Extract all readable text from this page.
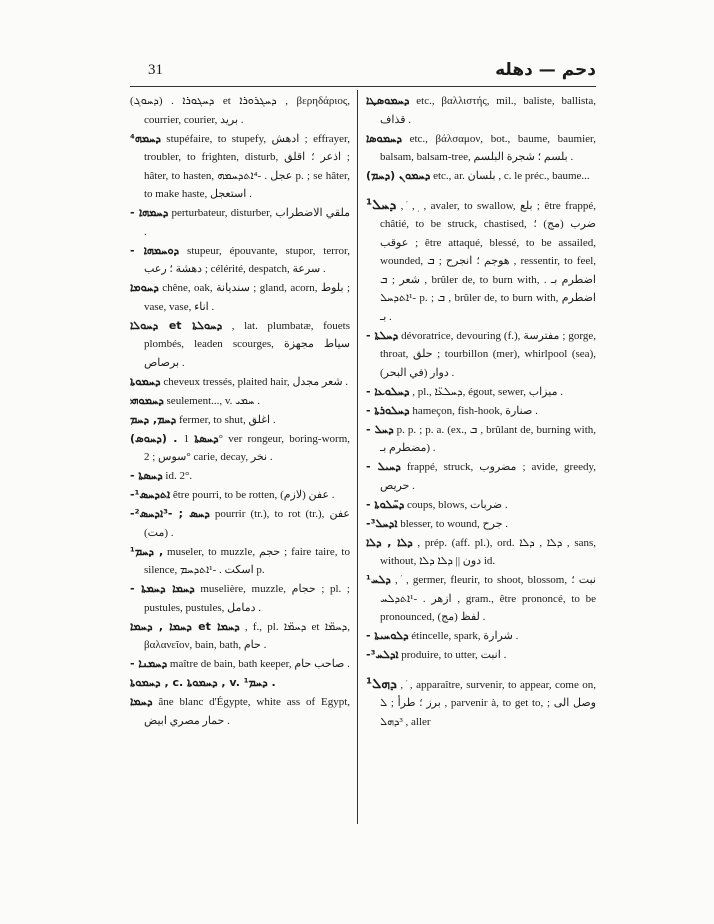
31	دحم — دهله
(ܕܚܘܓ) . ܕܚܓܘܪܐ et ܕܚܓܪܘܪܐ , βερηδάριος, courrier, courier, بريد .
⁴ܕܚܡܗ stupéfaire, to stupefy, ادهش ; effrayer, troubler, to frighten, disturb, اذعر ؛ اقلق ; hâter, to hasten, عجل . -⁴ܐܬܕܚܡܗ p. ; se hâter, to make haste, استعجل .
- ܕܚܡܗܐ perturbateur, disturber, ملقي الاضطراب .
- ܕܘܚܡܗܐ stupeur, épouvante, stupor, terror, دهشة ؛ رعب ; célérité, despatch, سرعة .
ܕܚܘܡܐ chêne, oak, سنديانة ; gland, acorn, بلوط ; vase, vase, اناء .
ܕܚܘܠܐ et ܕܚܘܠܬܐ , lat. plumbatæ, fouets plombés, leaden scourges, سياط مجهزة برصاص .
ܕܚܡܘܬܐ cheveux tressés, plaited hair, شعر مجدل .
ܕܚܡܘܗܝ seulement..., v. ܚܡܝ .
ܕܚܡ, ܕܚܡ fermer, to shut, اغلق .
(ܕܚܘܣ) . ܕܚܣܬܐ 1° ver rongeur, boring-worm, سوس ; 2° carie, decay, نخر .
- ܕܚܣܬܐ id. 2°.
-¹ܐܬܕܚܣ être pourri, to be rotten, عفن (لازم) .
-²ܕܚܣ ; -³ܐܕܚܣ pourrir (tr.), to rot (tr.), عفن (مت) .
¹ܕܚܡ , museler, to muzzle, حجم ; faire taire, to silence, اسكت . -¹ܐܬܕܚܡ p.
- ܕܚܡܐ ܕܚܡܬܐ muselière, muzzle, حجام ; pl. ; pustules, pustules, دمامل .
ܕܚܡܐ , ܕܚܡܐ et ܕܚܡܐ , f., pl. ܕܚܡ̈ܐ et ܕܚܡ̈ܐ, βαλανεῖον, bain, bath, حام .
- ܕܚܡܢܐ maître de bain, bath keeper, صاحب حام .
ܕܚܡܘܬܐ , c. ܕܚܡܘܬܐ , v. ¹ܕܚܡ .
ܕܚܡܐ âne blanc d'Égypte, white ass of Egypt, حمار مصري ابيض .
ܕܚܡܘܣܛܐ etc., βαλλιστής, mil., baliste, ballista, قذاف .
ܕܚܡܘܣܐ etc., βάλσαμον, bot., baume, baumier, balsam, balsam-tree, بلسم ؛ شجرة البلسم .
(ܕܚܡ) ܕܚܡܘܢ etc., ar. بلسان , c. le préc., baume...
¹ܕܚܠ , ܿ , ܼ , avaler, to swallow, بلع ; être frappé, châtié, to be struck, chastised, ضرب (مج) ؛ عوقب ; être attaqué, blessé, to be assailed, wounded, هوجم ؛ انجرح ; ܒ , ressentir, to feel, شعر ; ܒ , brûler de, to burn with, اضطرم بـ . -¹ܐܬܕܚܠ p. ; ܒ , brûler de, to burn with, اضطرم بـ .
- ܕܚܠܬܐ dévoratrice, devouring (f.), مفترسة ; gorge, throat, حلق ; tourbillon (mer), whirlpool (sea), دوار (في البحر) .
- ܕܚܠܘܥܐ , pl., ܕܚܠܥ̈ܐ, égout, sewer, ميزاب .
- ܕܚܠܘܪܬܐ hameçon, fish-hook, صنارة .
- ܕܚܠ p. p. ; p. a. (ex., ܒ , brûlant de, burning with, مضطرم بـ) .
- ܕܚܝܠ frappé, struck, مضروب ; avide, greedy, حريص .
- ܕܚ̈ܠܘܬܐ coups, blows, ضربات .
-³ܐܕܚܠ blesser, to wound, جرح .
ܕܠܐ , ܕܠܐ , prép. (aff. pl.), ord. ܕܠܐ , ܕܠܐ , sans, without, دون || ܕܠܐ ܕܠܐ id.
¹ܕܠܚ , ܿ , germer, fleurir, to shoot, blossom, نبت ؛ ازهر . -¹ܐܬܕܠܚ , gram., être prononcé, to be pronounced, لفظ (مج) .
- ܕܠܘܚܝܬܐ étincelle, spark, شرارة .
-³ܐܕܠܚ produire, to utter, انبت .
¹ܕܗܠ , ܿ , apparaître, survenir, to appear, come on, برز ؛ طرأ ; ܠ , parvenir à, to get to, وصل الى ; ³ܕܗܠ , aller
